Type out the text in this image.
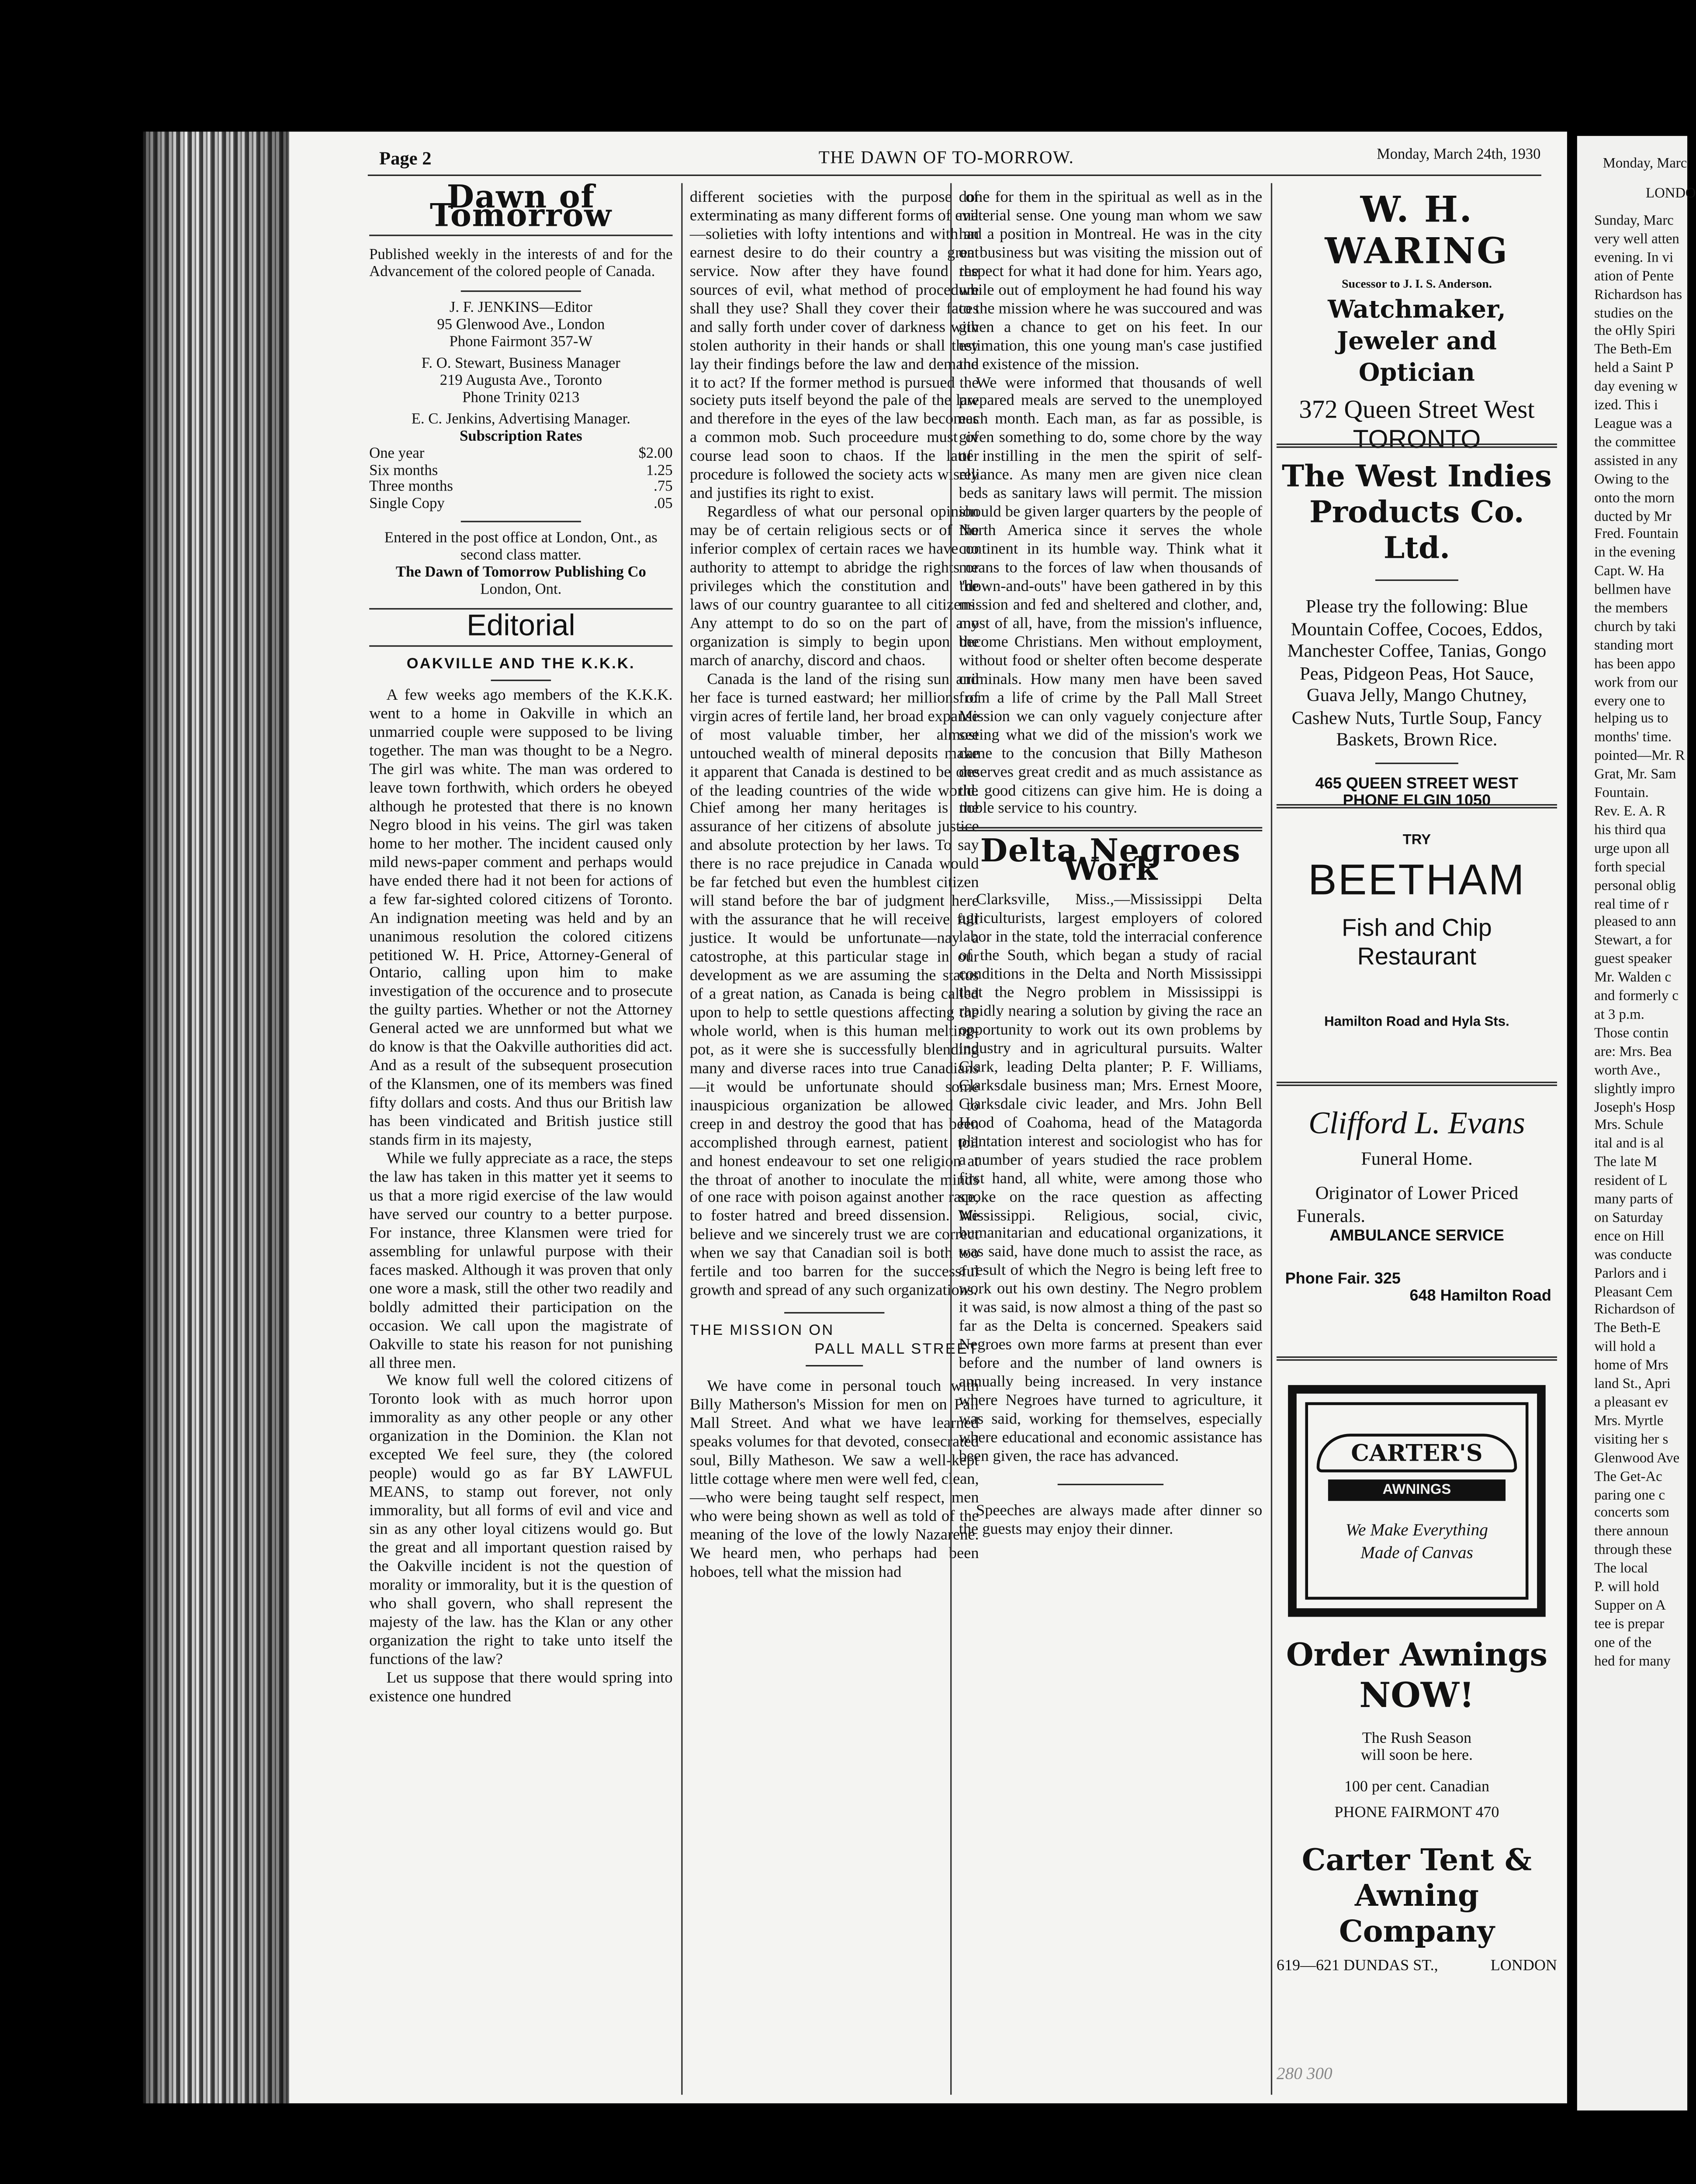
Page 2	THE DAWN OF TO-MORROW.	Monday, March 24th, 1930
Dawn of Tomorrow

Published weekly in the interests of and for the Advancement of the colored people of Canada.

J. F. JENKINS—Editor
95 Glenwood Ave., London
Phone Fairmont 357-W
F. O. Stewart, Business Manager
219 Augusta Ave., Toronto
Phone Trinity 0213
E. C. Jenkins, Advertising Manager.
Subscription Rates
One year	$2.00
Six months	1.25
Three months	.75
Single Copy	.05

Entered in the post office at London, Ont., as second class matter.

The Dawn of Tomorrow Publishing Co
London, Ont.
Editorial
OAKVILLE AND THE K.K.K.

A few weeks ago members of the K.K.K. went to a home in Oakville in which an unmarried couple were supposed to be living together. The man was thought to be a Negro. The girl was white. The man was ordered to leave town forthwith, which orders he obeyed although he protested that there is no known Negro blood in his veins. The girl was taken home to her mother. The incident caused only mild news-paper comment and perhaps would have ended there had it not been for actions of a few far-sighted colored citizens of Toronto. An indignation meeting was held and by an unanimous resolution the colored citizens petitioned W. H. Price, Attorney-General of Ontario, calling upon him to make investigation of the occurence and to prosecute the guilty parties. Whether or not the Attorney General acted we are unnformed but what we do know is that the Oakville authorities did act. And as a result of the subsequent prosecution of the Klansmen, one of its members was fined fifty dollars and costs. And thus our British law has been vindicated and British justice still stands firm in its majesty,

While we fully appreciate as a race, the steps the law has taken in this matter yet it seems to us that a more rigid exercise of the law would have served our country to a better purpose. For instance, three Klansmen were tried for assembling for unlawful purpose with their faces masked. Although it was proven that only one wore a mask, still the other two readily and boldly admitted their participation on the occasion. We call upon the magistrate of Oakville to state his reason for not punishing all three men.

We know full well the colored citizens of Toronto look with as much horror upon immorality as any other people or any other organization in the Dominion. the Klan not excepted We feel sure, they (the colored people) would go as far BY LAWFUL MEANS, to stamp out forever, not only immorality, but all forms of evil and vice and sin as any other loyal citizens would go. But the great and all important question raised by the Oakville incident is not the question of morality or immorality, but it is the question of who shall govern, who shall represent the majesty of the law. has the Klan or any other organization the right to take unto itself the functions of the law?

Let us suppose that there would spring into existence one hundred

different societies with the purpose of exterminating as many different forms of evil—solieties with lofty intentions and with an earnest desire to do their country a great service. Now after they have found the sources of evil, what method of procedure shall they use? Shall they cover their faces and sally forth under cover of darkness with stolen authority in their hands or shall they lay their findings before the law and demand it to act? If the former method is pursued the society puts itself beyond the pale of the law and therefore in the eyes of the law becomes a common mob. Such proceedure must of course lead soon to chaos. If the latter procedure is followed the society acts wisely and justifies its right to exist.

Regardless of what our personal opinion may be of certain religious sects or of the inferior complex of certain races we have no authority to attempt to abridge the rights or privileges which the constitution and the laws of our country guarantee to all citizens. Any attempt to do so on the part of any organization is simply to begin upon the march of anarchy, discord and chaos.

Canada is the land of the rising sun and her face is turned eastward; her millions of virgin acres of fertile land, her broad expanse of most valuable timber, her almost untouched wealth of mineral deposits make it apparent that Canada is destined to be one of the leading countries of the wide world. Chief among her many heritages is the assurance of her citizens of absolute justice and absolute protection by her laws. To say there is no race prejudice in Canada would be far fetched but even the humblest citizen will stand before the bar of judgment here with the assurance that he will receive full justice. It would be unfortunate—nay a catostrophe, at this particular stage in our development as we are assuming the status of a great nation, as Canada is being called upon to help to settle questions affecting the whole world, when is this human melting-pot, as it were she is successfully blending many and diverse races into true Canadians—it would be unfortunate should some inauspicious organization be allowed to creep in and destroy the good that has been accomplished through earnest, patient toil and honest endeavour to set one religion at the throat of another to inoculate the minds of one race with poison against another race, to foster hatred and breed dissension. We believe and we sincerely trust we are correct when we say that Canadian soil is both too fertile and too barren for the successful growth and spread of any such organizations.

THE MISSION ON
PALL MALL STREET

We have come in personal touch with Billy Matherson's Mission for men on Pall Mall Street. And what we have learned speaks volumes for that devoted, consecrated soul, Billy Matheson. We saw a well-kept little cottage where men were well fed, clean,—who were being taught self respect, men who were being shown as well as told of the meaning of the love of the lowly Nazarene. We heard men, who perhaps had been hoboes, tell what the mission had

done for them in the spiritual as well as in the material sense. One young man whom we saw had a position in Montreal. He was in the city on business but was visiting the mission out of respect for what it had done for him. Years ago, while out of employment he had found his way to the mission where he was succoured and was given a chance to get on his feet. In our estimation, this one young man's case justified the existence of the mission.

We were informed that thousands of well prepared meals are served to the unemployed each month. Each man, as far as possible, is given something to do, some chore by the way of instilling in the men the spirit of self-reliance. As many men are given nice clean beds as sanitary laws will permit. The mission should be given larger quarters by the people of North America since it serves the whole continent in its humble way. Think what it means to the forces of law when thousands of "down-and-outs" have been gathered in by this mission and fed and sheltered and clother, and, most of all, have, from the mission's influence, become Christians. Men without employment, without food or shelter often become desperate criminals. How many men have been saved from a life of crime by the Pall Mall Street Mission we can only vaguely conjecture after seeing what we did of the mission's work we came to the concusion that Billy Matheson deserves great credit and as much assistance as the good citizens can give him. He is doing a noble service to his country.

Delta Negroes Work

Clarksville, Miss.,—Mississippi Delta agriculturists, largest employers of colored labor in the state, told the interracial conference of the South, which began a study of racial conditions in the Delta and North Mississippi that the Negro problem in Mississippi is rapidly nearing a solution by giving the race an opportunity to work out its own problems by industry and in agricultural pursuits. Walter Clark, leading Delta planter; P. F. Williams, Clarksdale business man; Mrs. Ernest Moore, Clarksdale civic leader, and Mrs. John Bell Hood of Coahoma, head of the Matagorda plantation interest and sociologist who has for a number of years studied the race problem first hand, all white, were among those who spoke on the race question as affecting Mississippi. Religious, social, civic, humanitarian and educational organizations, it was said, have done much to assist the race, as a result of which the Negro is being left free to work out his own destiny. The Negro problem it was said, is now almost a thing of the past so far as the Delta is concerned. Speakers said Negroes own more farms at present than ever before and the number of land owners is annually being increased. In very instance where Negroes have turned to agriculture, it was said, working for themselves, especially where educational and economic assistance has been given, the race has advanced.

Speeches are always made after dinner so the guests may enjoy their dinner.

W. H. WARING
Sucessor to J. I. S. Anderson.
Watchmaker, Jeweler and Optician
372 Queen Street West
TORONTO
The West Indies Products Co. Ltd.
Please try the following: Blue Mountain Coffee, Cocoes, Eddos, Manchester Coffee, Tanias, Gongo Peas, Pidgeon Peas, Hot Sauce, Guava Jelly, Mango Chutney, Cashew Nuts, Turtle Soup, Fancy Baskets, Brown Rice.
465 QUEEN STREET WEST
PHONE ELGIN 1050
TRY
BEETHAM
Fish and Chip
Restaurant
Hamilton Road and Hyla Sts.
Clifford L. Evans
Funeral Home.
Originator of Lower Priced
Funerals.
AMBULANCE SERVICE
Phone Fair. 325
648 Hamilton Road
CARTER'S
AWNINGS
We Make Everything
Made of Canvas
Order Awnings
NOW!
The Rush Season
will soon be here.
100 per cent. Canadian
PHONE FAIRMONT 470
Carter Tent &
Awning Company
619—621 DUNDAS ST.,	LONDON
280 300
Monday, Marc
LONDO
Sunday, Marc
very well atten
evening. In vi
ation of Pente
Richardson has
studies on the
the oHly Spiri
The Beth-Em
held a Saint P
day evening w
ized. This i
League was a
the committee
assisted in any
Owing to the
onto the morn
ducted by Mr
Fred. Fountain
in the evening
Capt. W. Ha
bellmen have
the members
church by taki
standing mort
has been appo
work from our
every one to
helping us to
months' time.
pointed—Mr. R
Grat, Mr. Sam
Fountain.
Rev. E. A. R
his third qua
urge upon all
forth special
personal oblig
real time of r
pleased to ann
Stewart, a for
guest speaker
Mr. Walden c
and formerly c
at 3 p.m.
Those contin
are: Mrs. Bea
worth Ave.,
slightly impro
Joseph's Hosp
Mrs. Schule
ital and is al
The late M
resident of L
many parts of
on Saturday
ence on Hill
was conducte
Parlors and i
Pleasant Cem
Richardson of
The Beth-E
will hold a
home of Mrs
land St., Apri
a pleasant ev
Mrs. Myrtle
visiting her s
Glenwood Ave
The Get-Ac
paring one c
concerts som
there announ
through these
The local
P. will hold
Supper on A
tee is prepar
one of the
hed for many
